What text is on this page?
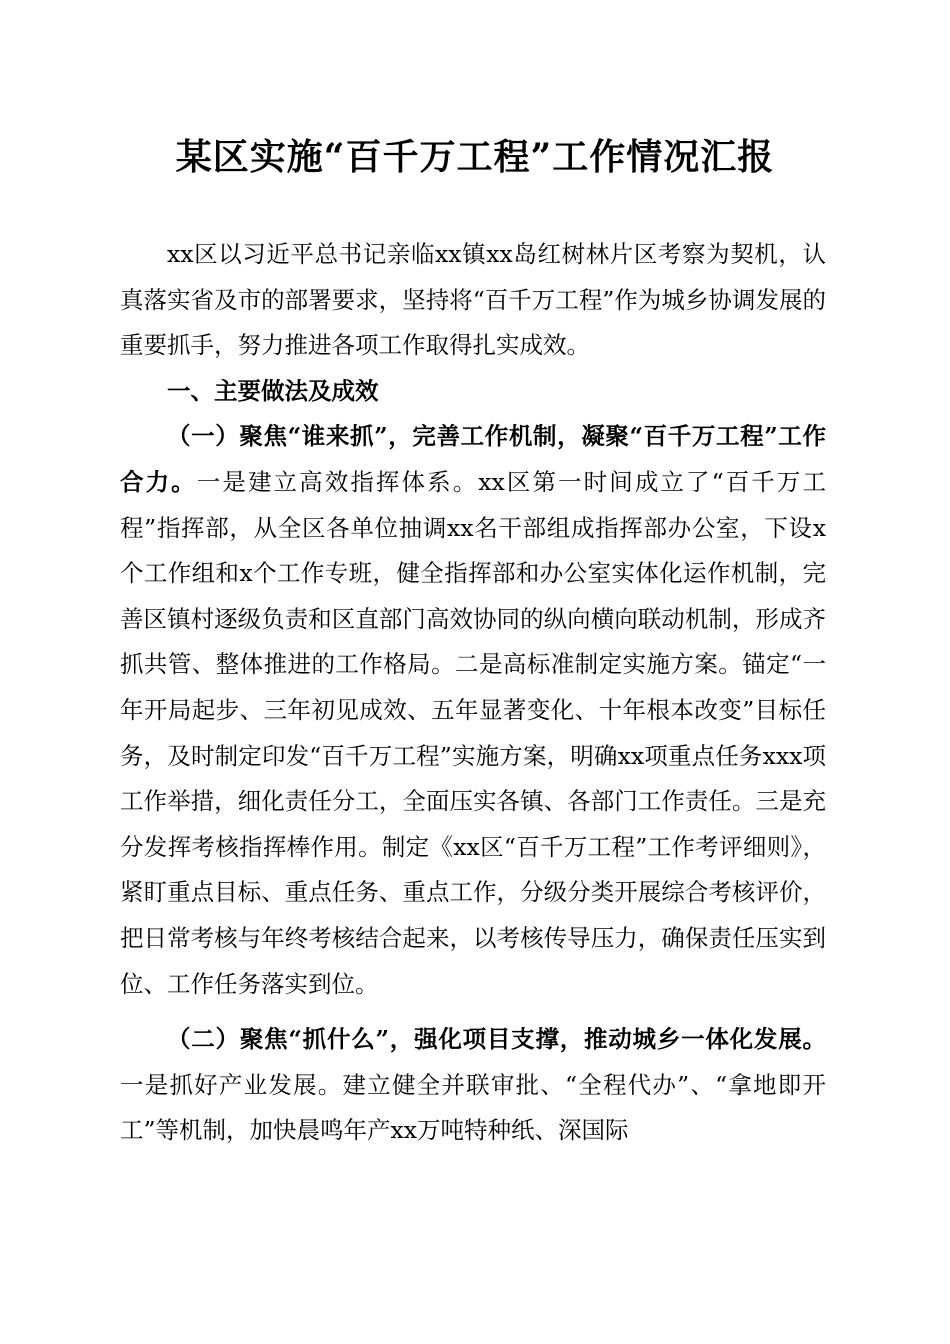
某区实施“百千万工程”工作情况汇报

xx区以习近平总书记亲临xx镇xx岛红树林片区考察为契机，认真落实省及市的部署要求，坚持将“百千万工程”作为城乡协调发展的重要抓手，努力推进各项工作取得扎实成效。

一、主要做法及成效

（一）聚焦“谁来抓”，完善工作机制，凝聚“百千万工程”工作合力。一是建立高效指挥体系。xx区第一时间成立了“百千万工程”指挥部，从全区各单位抽调xx名干部组成指挥部办公室，下设x个工作组和x个工作专班，健全指挥部和办公室实体化运作机制，完善区镇村逐级负责和区直部门高效协同的纵向横向联动机制，形成齐抓共管、整体推进的工作格局。二是高标准制定实施方案。锚定“一年开局起步、三年初见成效、五年显著变化、十年根本改变”目标任务，及时制定印发“百千万工程”实施方案，明确xx项重点任务xxx项工作举措，细化责任分工，全面压实各镇、各部门工作责任。三是充分发挥考核指挥棒作用。制定《xx区“百千万工程”工作考评细则》，紧盯重点目标、重点任务、重点工作，分级分类开展综合考核评价，把日常考核与年终考核结合起来，以考核传导压力，确保责任压实到位、工作任务落实到位。

（二）聚焦“抓什么”，强化项目支撑，推动城乡一体化发展。一是抓好产业发展。建立健全并联审批、“全程代办”、“拿地即开工”等机制，加快晨鸣年产xx万吨特种纸、深国际
